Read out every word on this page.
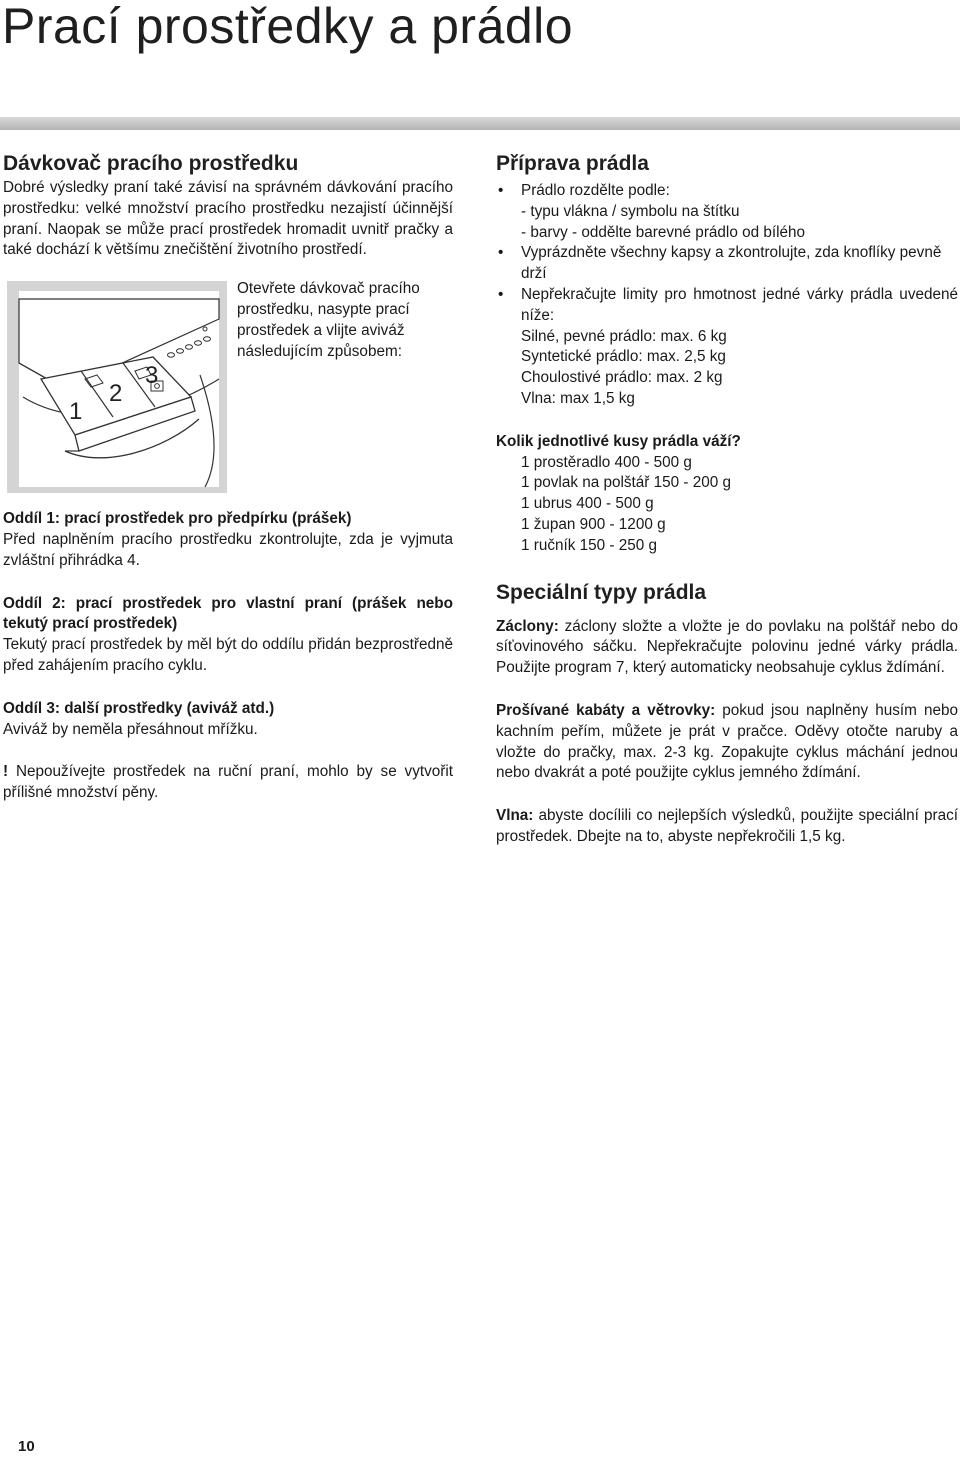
Prací prostředky a prádlo
Dávkovač pracího prostředku

Dobré výsledky praní také závisí na správném dávkování pracího prostředku: velké množství pracího prostředku nezajistí účinnější praní. Naopak se může prací prostředek hromadit uvnitř pračky a také dochází k většímu znečištění životního prostředí.

1
2
3

Otevřete dávkovač pracího prostředku, nasypte prací prostředek a vlijte aviváž následujícím způsobem:

Oddíl 1: prací prostředek pro předpírku (prášek)

Před naplněním pracího prostředku zkontrolujte, zda je vyjmuta zvláštní přihrádka 4.

Oddíl 2: prací prostředek pro vlastní praní (prášek nebo tekutý prací prostředek)

Tekutý prací prostředek by měl být do oddílu přidán bezprostředně před zahájením pracího cyklu.

Oddíl 3: další prostředky (aviváž atd.)

Aviváž by neměla přesáhnout mřížku.

! Nepoužívejte prostředek na ruční praní, mohlo by se vytvořit přílišné množství pěny.

Příprava prádla
• Prádlo rozdělte podle:
- typu vlákna / symbolu na štítku
- barvy - oddělte barevné prádlo od bílého
• Vyprázdněte všechny kapsy a zkontrolujte, zda knoflíky pevně drží
• Nepřekračujte limity pro hmotnost jedné várky prádla uvedené níže:
Silné, pevné prádlo: max. 6 kg
Syntetické prádlo: max. 2,5 kg
Choulostivé prádlo: max. 2 kg
Vlna: max 1,5 kg

Kolik jednotlivé kusy prádla váží?

1 prostěradlo 400 - 500 g

1 povlak na polštář 150 - 200 g

1 ubrus 400 - 500 g

1 župan 900 - 1200 g

1 ručník 150 - 250 g

Speciální typy prádla

Záclony: záclony složte a vložte je do povlaku na polštář nebo do síťovinového sáčku. Nepřekračujte polovinu jedné várky prádla. Použijte program 7, který automaticky neobsahuje cyklus ždímání.

Prošívané kabáty a větrovky: pokud jsou naplněny husím nebo kachním peřím, můžete je prát v pračce. Oděvy otočte naruby a vložte do pračky, max. 2-3 kg. Zopakujte cyklus máchání jednou nebo dvakrát a poté použijte cyklus jemného ždímání.

Vlna: abyste docílili co nejlepších výsledků, použijte speciální prací prostředek. Dbejte na to, abyste nepřekročili 1,5 kg.

10
